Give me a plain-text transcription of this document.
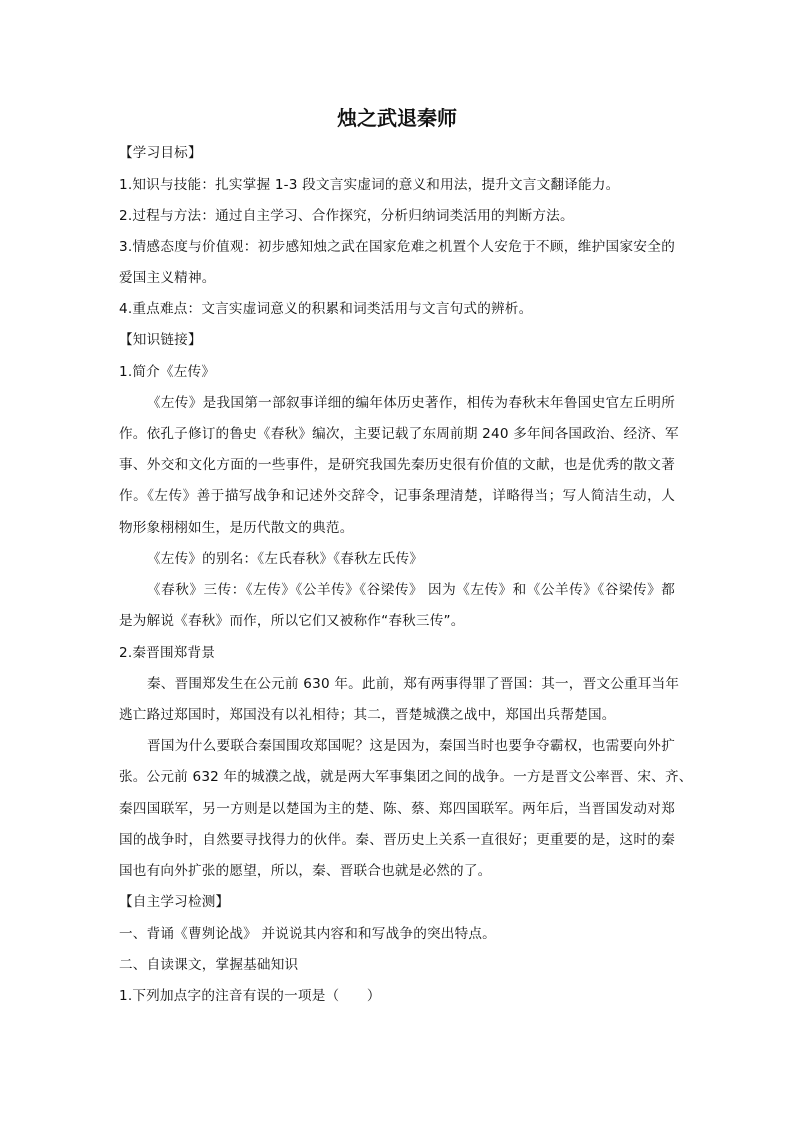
烛之武退秦师
【学习目标】
1.知识与技能：扎实掌握 1-3 段文言实虚词的意义和用法，提升文言文翻译能力。
2.过程与方法：通过自主学习、合作探究，分析归纳词类活用的判断方法。
3.情感态度与价值观：初步感知烛之武在国家危难之机置个人安危于不顾，维护国家安全的
爱国主义精神。
4.重点难点：文言实虚词意义的积累和词类活用与文言句式的辨析。
【知识链接】
1.简介《左传》
《左传》是我国第一部叙事详细的编年体历史著作，相传为春秋末年鲁国史官左丘明所
作。依孔子修订的鲁史《春秋》编次，主要记载了东周前期 240 多年间各国政治、经济、军
事、外交和文化方面的一些事件，是研究我国先秦历史很有价值的文献，也是优秀的散文著
作。《左传》善于描写战争和记述外交辞令，记事条理清楚，详略得当；写人简洁生动，人
物形象栩栩如生，是历代散文的典范。
《左传》的别名：《左氏春秋》《春秋左氏传》
《春秋》三传：《左传》《公羊传》《谷梁传》 因为《左传》和《公羊传》《谷梁传》都
是为解说《春秋》而作，所以它们又被称作“春秋三传”。
2.秦晋围郑背景
秦、晋围郑发生在公元前 630 年。此前，郑有两事得罪了晋国：其一，晋文公重耳当年
逃亡路过郑国时，郑国没有以礼相待；其二，晋楚城濮之战中，郑国出兵帮楚国。
晋国为什么要联合秦国围攻郑国呢？这是因为，秦国当时也要争夺霸权，也需要向外扩
张。公元前 632 年的城濮之战，就是两大军事集团之间的战争。一方是晋文公率晋、宋、齐、
秦四国联军，另一方则是以楚国为主的楚、陈、蔡、郑四国联军。两年后，当晋国发动对郑
国的战争时，自然要寻找得力的伙伴。秦、晋历史上关系一直很好；更重要的是，这时的秦
国也有向外扩张的愿望，所以，秦、晋联合也就是必然的了。
【自主学习检测】
一、背诵《曹刿论战》 并说说其内容和和写战争的突出特点。
二、自读课文，掌握基础知识
1.下列加点字的注音有误的一项是（　　）
